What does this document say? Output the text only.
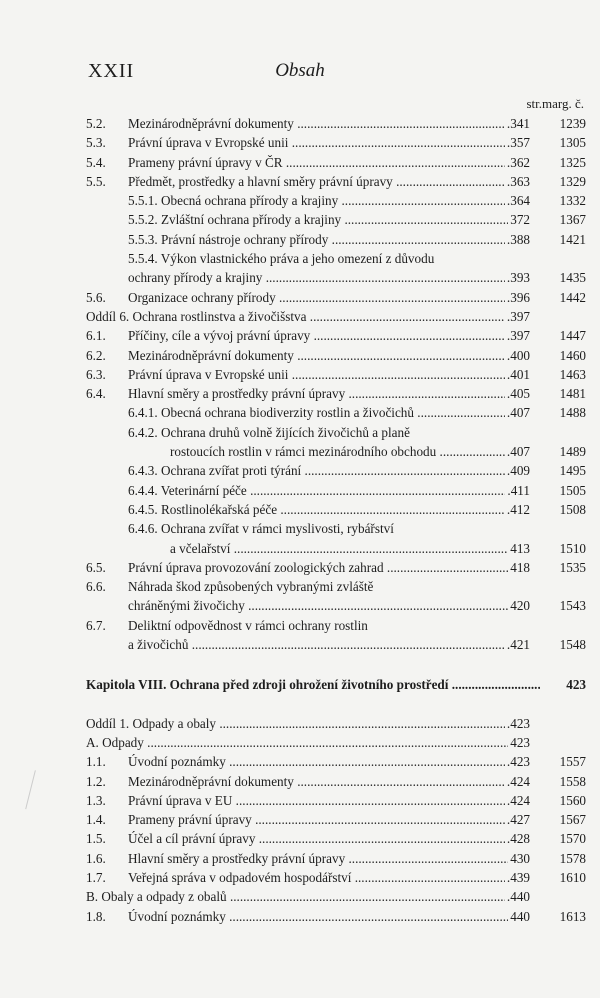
XXII	Obsah
str.marg. č.
5.2. Mezinárodněprávní dokumenty .....	.341	1239
5.3. Právní úprava v Evropské unii .....	.357	1305
5.4. Prameny právní úpravy v ČR .....	.362	1325
5.5. Předmět, prostředky a hlavní směry právní úpravy .....	.363	1329
5.5.1. Obecná ochrana přírody a krajiny .....	.364	1332
5.5.2. Zvláštní ochrana přírody a krajiny .....	372	1367
5.5.3. Právní nástroje ochrany přírody .....	.388	1421
5.5.4. Výkon vlastnického práva a jeho omezení z důvodu
ochrany přírody a krajiny .....	.393	1435
5.6. Organizace ochrany přírody .....	.396	1442
Oddíl 6. Ochrana rostlinstva a živočišstva .....	.397
6.1. Příčiny, cíle a vývoj právní úpravy .....	.397	1447
6.2. Mezinárodněprávní dokumenty .....	.400	1460
6.3. Právní úprava v Evropské unii .....	.401	1463
6.4. Hlavní směry a prostředky právní úpravy .....	.405	1481
6.4.1. Obecná ochrana biodiverzity rostlin a živočichů .....	.407	1488
6.4.2. Ochrana druhů volně žijících živočichů a planě
rostoucích rostlin v rámci mezinárodního obchodu .....	.407	1489
6.4.3. Ochrana zvířat proti týrání .....	.409	1495
6.4.4. Veterinární péče .....	.411	1505
6.4.5. Rostlinolékařská péče .....	.412	1508
6.4.6. Ochrana zvířat v rámci myslivosti, rybářství
a včelařství .....	413	1510
6.5. Právní úprava provozování zoologických zahrad .....	418	1535
6.6. Náhrada škod způsobených vybranými zvláště
chráněnými živočichy .....	420	1543
6.7. Deliktní odpovědnost v rámci ochrany rostlin
a živočichů .....	.421	1548
Kapitola VIII. Ochrana před zdroji ohrožení životního prostředí .....	423
Oddíl 1. Odpady a obaly .....	.423
A. Odpady .....	423
1.1. Úvodní poznámky .....	.423	1557
1.2. Mezinárodněprávní dokumenty .....	.424	1558
1.3. Právní úprava v EU .....	.424	1560
1.4. Prameny právní úpravy .....	.427	1567
1.5. Účel a cíl právní úpravy .....	.428	1570
1.6. Hlavní směry a prostředky právní úpravy .....	430	1578
1.7. Veřejná správa v odpadovém hospodářství .....	.439	1610
B. Obaly a odpady z obalů .....	.440
1.8. Úvodní poznámky .....	440	1613
